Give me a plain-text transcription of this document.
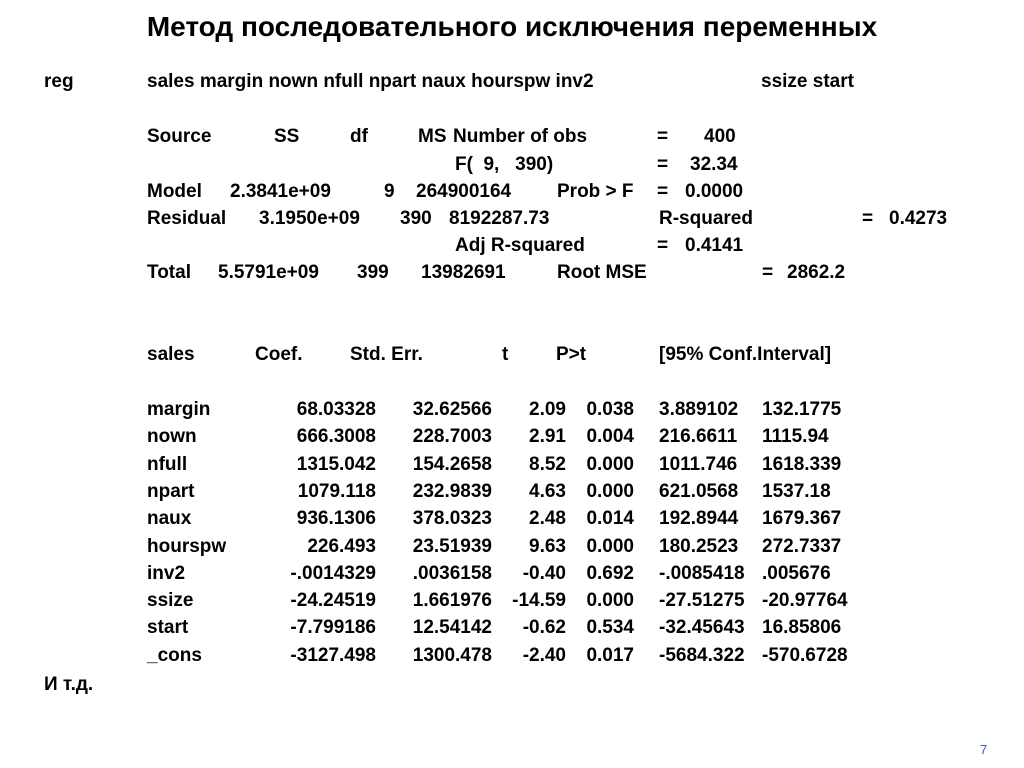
Метод последовательного исключения переменных
reg	sales margin nown nfull npart naux hourspw inv2	ssize start
Source	SS	df	MS Number of obs	= 400
F(  9,   390)	= 32.34
Model 2.3841e+09	9 264900164 Prob > F = 0.0000
Residual 3.1950e+09 390 8192287.73	R-squared	= 0.4273
Adj R-squared	= 0.4141
Total 5.5791e+09 399 13982691	Root MSE	= 2862.2
sales	Coef.	Std. Err.	t	P>t	[95% Conf.Interval]
margin	68.03328	32.62566	2.09	0.038 3.889102 132.1775
nown	666.3008	228.7003	2.91	0.004 216.6611 1115.94
nfull	1315.042	154.2658	8.52	0.000 1011.746 1618.339
npart	1079.118	232.9839	4.63	0.000 621.0568 1537.18
naux	936.1306	378.0323	2.48	0.014 192.8944 1679.367
hourspw	226.493	23.51939	9.63	0.000 180.2523 272.7337
inv2	-.0014329	.0036158	-0.40	0.692 -.0085418 .005676
ssize	-24.24519	1.661976	-14.59	0.000 -27.51275 -20.97764
start	-7.799186	12.54142	-0.62	0.534 -32.45643 16.85806
_cons	-3127.498	1300.478	-2.40	0.017 -5684.322 -570.6728
И т.д.
7
